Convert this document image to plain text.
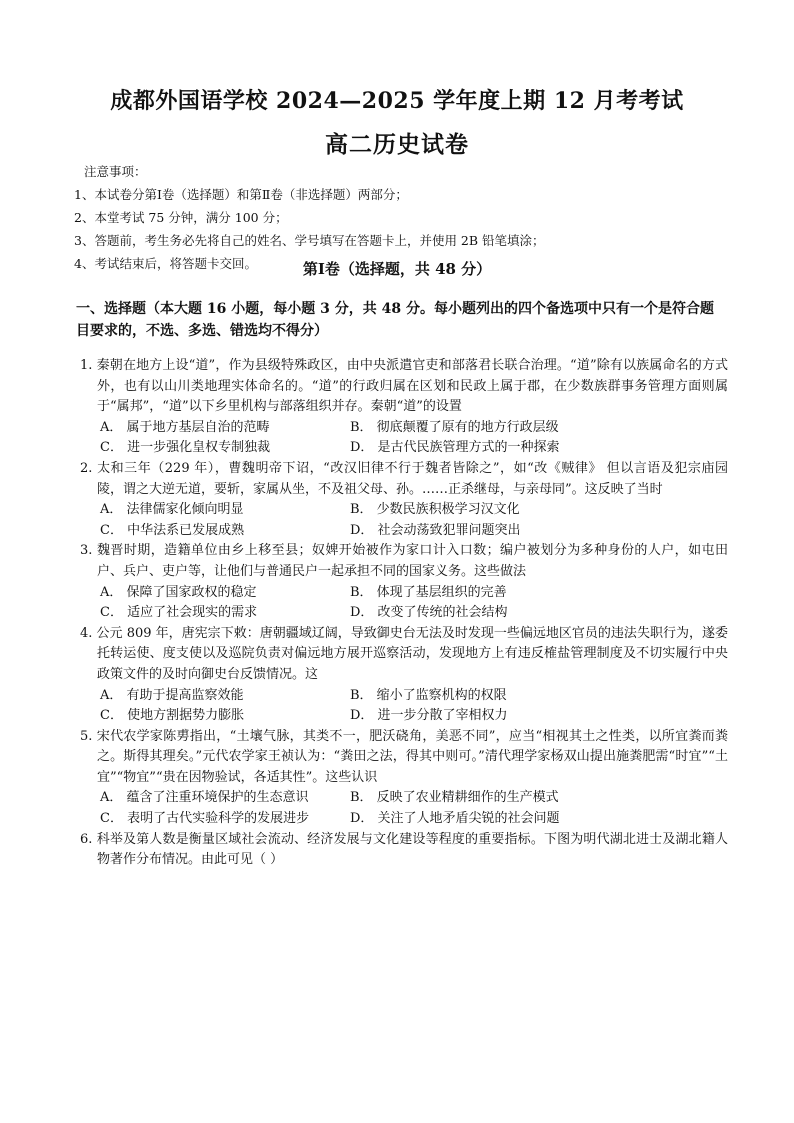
成都外国语学校 2024—2025 学年度上期 12 月考考试
高二历史试卷
注意事项：
1、本试卷分第Ⅰ卷（选择题）和第Ⅱ卷（非选择题）两部分；
2、本堂考试 75 分钟，满分 100 分；
3、答题前，考生务必先将自己的姓名、学号填写在答题卡上，并使用 2B 铅笔填涂；
4、考试结束后，将答题卡交回。	第Ⅰ卷（选择题，共 48 分）
一、选择题（本大题 16 小题，每小题 3 分，共 48 分。每小题列出的四个备选项中只有一个是符合题目要求的，不选、多选、错选均不得分）
1. 秦朝在地方上设“道”，作为县级特殊政区，由中央派遣官吏和部落君长联合治理。“道”除有以族属命名的方式外，也有以山川类地理实体命名的。“道”的行政归属在区划和民政上属于郡，在少数族群事务管理方面则属于“属邦”，“道”以下乡里机构与部落组织并存。秦朝“道”的设置
A． 属于地方基层自治的范畴	B． 彻底颠覆了原有的地方行政层级
C． 进一步强化皇权专制独裁	D． 是古代民族管理方式的一种探索
2. 太和三年（229 年），曹魏明帝下诏，“改汉旧律不行于魏者皆除之”，如“改《贼律》 但以言语及犯宗庙园陵，谓之大逆无道，要斩，家属从坐，不及祖父母、孙。……正杀继母，与亲母同”。这反映了当时
A． 法律儒家化倾向明显	B． 少数民族积极学习汉文化
C． 中华法系已发展成熟	D． 社会动荡致犯罪问题突出
3. 魏晋时期，造籍单位由乡上移至县；奴婢开始被作为家口计入口数；编户被划分为多种身份的人户，如屯田户、兵户、吏户等，让他们与普通民户一起承担不同的国家义务。这些做法
A． 保障了国家政权的稳定	B． 体现了基层组织的完善
C． 适应了社会现实的需求	D． 改变了传统的社会结构
4. 公元 809 年，唐宪宗下敕：唐朝疆域辽阔，导致御史台无法及时发现一些偏远地区官员的违法失职行为，遂委托转运使、度支使以及巡院负责对偏远地方展开巡察活动，发现地方上有违反榷盐管理制度及不切实履行中央政策文件的及时向御史台反馈情况。这
A． 有助于提高监察效能	B． 缩小了监察机构的权限
C． 使地方割据势力膨胀	D． 进一步分散了宰相权力
5. 宋代农学家陈旉指出，“土壤气脉，其类不一，肥沃硗角，美恶不同”，应当“相视其土之性类，以所宜粪而粪之。斯得其理矣。”元代农学家王祯认为：“粪田之法，得其中则可。”清代理学家杨双山提出施粪肥需“时宜”“土宜”“物宜”“贵在因物验试，各适其性”。这些认识
A． 蕴含了注重环境保护的生态意识	B． 反映了农业精耕细作的生产模式
C． 表明了古代实验科学的发展进步	D． 关注了人地矛盾尖锐的社会问题
6. 科举及第人数是衡量区域社会流动、经济发展与文化建设等程度的重要指标。下图为明代湖北进士及湖北籍人物著作分布情况。由此可见（ ）
